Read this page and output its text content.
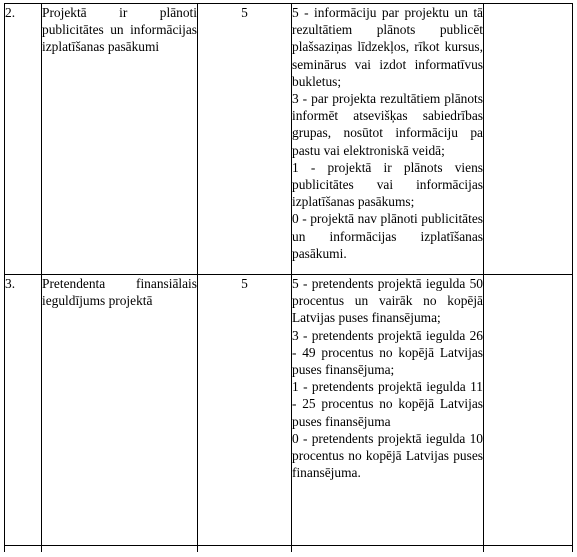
2.	Projektā ir plānoti publicitātes un informācijas izplatīšanas pasākumi	5	5 - informāciju par projektu un tā rezultātiem plānots publicēt plašsaziņas līdzekļos, rīkot kursus, seminārus vai izdot informatīvus bukletus;

3 - par projekta rezultātiem plānots informēt atsevišķas sabiedrības grupas, nosūtot informāciju pa pastu vai elektroniskā veidā;

1 - projektā ir plānots viens publicitātes vai informācijas izplatīšanas pasākums;

0 - projektā nav plānoti publicitātes un informācijas izplatīšanas pasākumi.	

3.	Pretendenta finansiālais ieguldījums projektā	5	5 - pretendents projektā iegulda 50 procentus un vairāk no kopējā Latvijas puses finansējuma;

3 - pretendents projektā iegulda 26 - 49 procentus no kopējā Latvijas puses finansējuma;

1 - pretendents projektā iegulda 11 - 25 procentus no kopējā Latvijas puses finansējuma

0 - pretendents projektā iegulda 10 procentus no kopējā Latvijas puses finansējuma.	
